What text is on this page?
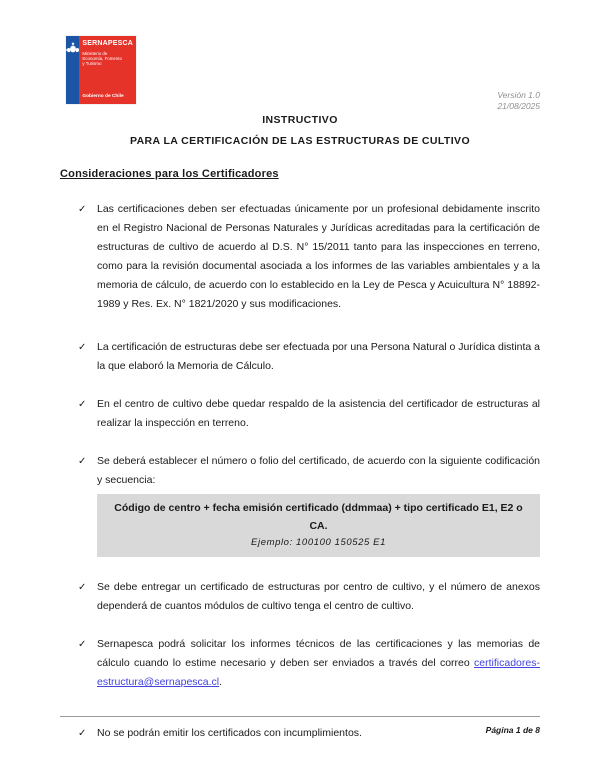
SERNAPESCA
Ministerio de Economía, Fomento y Turismo
Gobierno de Chile	Versión 1.0
21/08/2025
INSTRUCTIVO
PARA LA CERTIFICACIÓN DE LAS ESTRUCTURAS DE CULTIVO
Consideraciones para los Certificadores
✓	Las certificaciones deben ser efectuadas únicamente por un profesional debidamente inscrito en el Registro Nacional de Personas Naturales y Jurídicas acreditadas para la certificación de estructuras de cultivo de acuerdo al D.S. N° 15/2011 tanto para las inspecciones en terreno, como para la revisión documental asociada a los informes de las variables ambientales y a la memoria de cálculo, de acuerdo con lo establecido en la Ley de Pesca y Acuicultura N° 18892-1989 y Res. Ex. N° 1821/2020 y sus modificaciones.
✓	La certificación de estructuras debe ser efectuada por una Persona Natural o Jurídica distinta a la que elaboró la Memoria de Cálculo.
✓	En el centro de cultivo debe quedar respaldo de la asistencia del certificador de estructuras al realizar la inspección en terreno.
✓	Se deberá establecer el número o folio del certificado, de acuerdo con la siguiente codificación y secuencia:
Código de centro + fecha emisión certificado (ddmmaa) + tipo certificado E1, E2 o CA.
Ejemplo: 100100 150525 E1
✓	Se debe entregar un certificado de estructuras por centro de cultivo, y el número de anexos dependerá de cuantos módulos de cultivo tenga el centro de cultivo.
✓	Sernapesca podrá solicitar los informes técnicos de las certificaciones y las memorias de cálculo cuando lo estime necesario y deben ser enviados a través del correo certificadores-estructura@sernapesca.cl.
✓	No se podrán emitir los certificados con incumplimientos.	Página 1 de 8
